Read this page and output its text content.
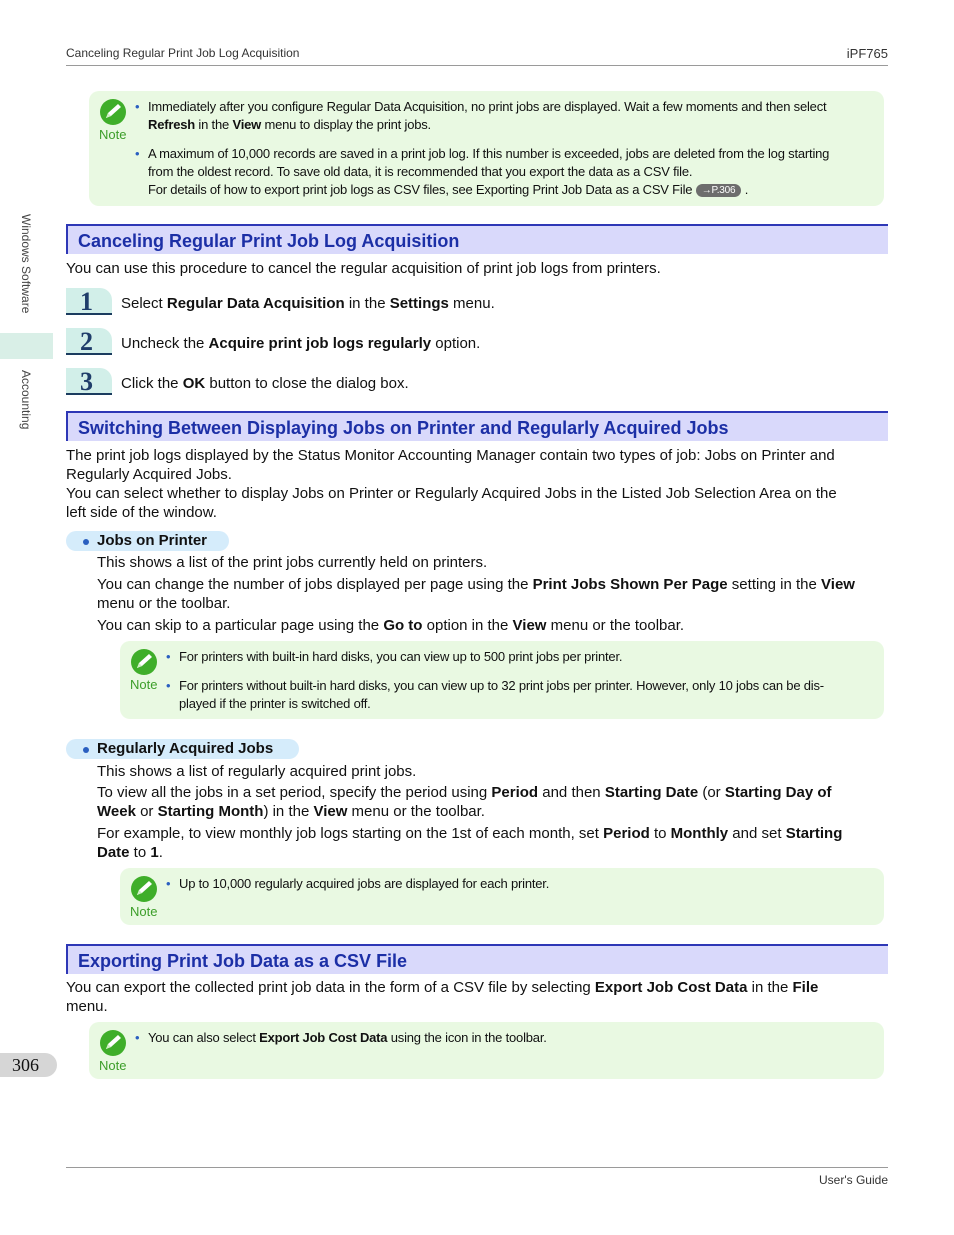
Canceling Regular Print Job Log Acquisition	iPF765
Windows Software
Accounting
306
Note
• Immediately after you configure Regular Data Acquisition, no print jobs are displayed. Wait a few moments and then select
Refresh in the View menu to display the print jobs.
• A maximum of 10,000 records are saved in a print job log. If this number is exceeded, jobs are deleted from the log starting
from the oldest record. To save old data, it is recommended that you export the data as a CSV file.
For details of how to export print job logs as CSV files, see Exporting Print Job Data as a CSV File →P.306 .
Canceling Regular Print Job Log Acquisition
You can use this procedure to cancel the regular acquisition of print job logs from printers.
1	Select Regular Data Acquisition in the Settings menu.
2	Uncheck the Acquire print job logs regularly option.
3	Click the OK button to close the dialog box.
Switching Between Displaying Jobs on Printer and Regularly Acquired Jobs
The print job logs displayed by the Status Monitor Accounting Manager contain two types of job: Jobs on Printer and
Regularly Acquired Jobs.
You can select whether to display Jobs on Printer or Regularly Acquired Jobs in the Listed Job Selection Area on the
left side of the window.
Jobs on Printer
This shows a list of the print jobs currently held on printers.
You can change the number of jobs displayed per page using the Print Jobs Shown Per Page setting in the View
menu or the toolbar.
You can skip to a particular page using the Go to option in the View menu or the toolbar.
Note
• For printers with built-in hard disks, you can view up to 500 print jobs per printer.
• For printers without built-in hard disks, you can view up to 32 print jobs per printer. However, only 10 jobs can be dis-
played if the printer is switched off.
Regularly Acquired Jobs
This shows a list of regularly acquired print jobs.
To view all the jobs in a set period, specify the period using Period and then Starting Date (or Starting Day of
Week or Starting Month) in the View menu or the toolbar.
For example, to view monthly job logs starting on the 1st of each month, set Period to Monthly and set Starting
Date to 1.
Note
• Up to 10,000 regularly acquired jobs are displayed for each printer.
Exporting Print Job Data as a CSV File
You can export the collected print job data in the form of a CSV file by selecting Export Job Cost Data in the File
menu.
Note
• You can also select Export Job Cost Data using the icon in the toolbar.
User's Guide
